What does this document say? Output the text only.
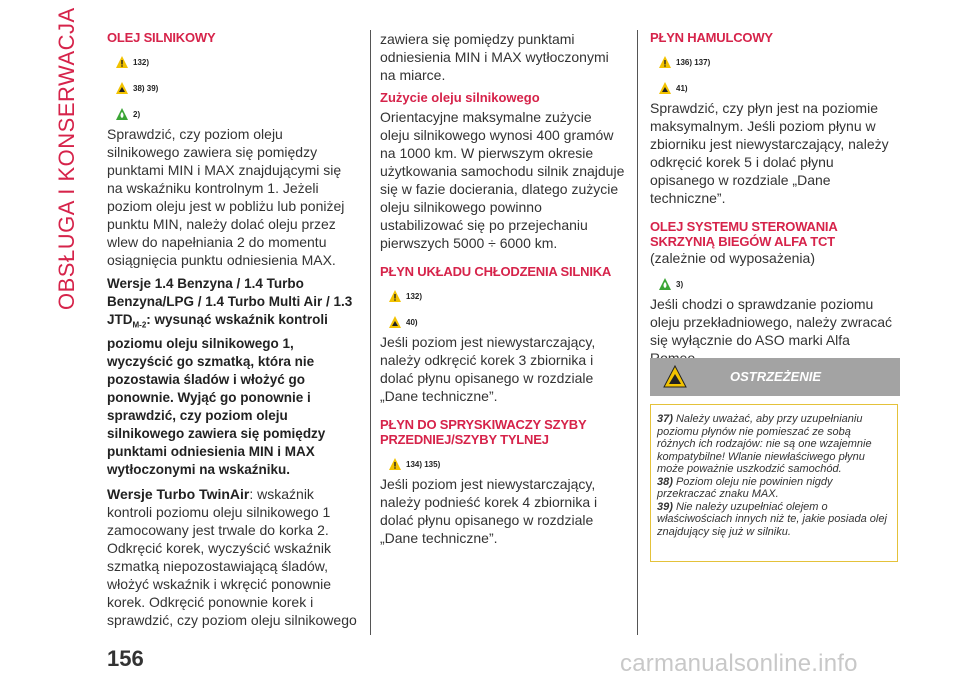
OBSŁUGA I KONSERWACJA OLEJ SILNIKOWY
132)
38) 39)
2)

Sprawdzić, czy poziom oleju silnikowego zawiera się pomiędzy punktami MIN i MAX znajdującymi się na wskaźniku kontrolnym 1. Jeżeli poziom oleju jest w pobliżu lub poniżej punktu MIN, należy dolać oleju przez wlew do napełniania 2 do momentu osiągnięcia punktu odniesienia MAX.

Wersje 1.4 Benzyna / 1.4 Turbo Benzyna/LPG / 1.4 Turbo Multi Air / 1.3 $JTD_{M-2}$: wysunąć wskaźnik kontroli poziomu oleju silnikowego 1, wyczyścić go szmatką, która nie pozostawia śladów i włożyć go ponownie. Wyjąć go ponownie i sprawdzić, czy poziom oleju silnikowego zawiera się pomiędzy punktami odniesienia MIN i MAX wytłoczonymi na wskaźniku.

Wersje Turbo TwinAir: wskaźnik kontroli poziomu oleju silnikowego 1 zamocowany jest trwale do korka 2. Odkręcić korek, wyczyścić wskaźnik szmatką niepozostawiającą śladów, włożyć wskaźnik i wkręcić ponownie korek. Odkręcić ponownie korek i sprawdzić, czy poziom oleju silnikowego

zawiera się pomiędzy punktami odniesienia MIN i MAX wytłoczonymi na miarce.

Zużycie oleju silnikowego

Orientacyjne maksymalne zużycie oleju silnikowego wynosi 400 gramów na 1000 km. W pierwszym okresie użytkowania samochodu silnik znajduje się w fazie docierania, dlatego zużycie oleju silnikowego powinno ustabilizować się po przejechaniu pierwszych 5000 ÷ 6000 km.

PŁYN UKŁADU CHŁODZENIA SILNIKA
132)
40)

Jeśli poziom jest niewystarczający, należy odkręcić korek 3 zbiornika i dolać płynu opisanego w rozdziale „Dane techniczne”.

PŁYN DO SPRYSKIWACZY SZYBY PRZEDNIEJ/SZYBY TYLNEJ
134) 135)

Jeśli poziom jest niewystarczający, należy podnieść korek 4 zbiornika i dolać płynu opisanego w rozdziale „Dane techniczne”.

PŁYN HAMULCOWY
136) 137)
41)

Sprawdzić, czy płyn jest na poziomie maksymalnym. Jeśli poziom płynu w zbiorniku jest niewystarczający, należy odkręcić korek 5 i dolać płynu opisanego w rozdziale „Dane techniczne”.

OLEJ SYSTEMU STEROWANIA SKRZYNIĄ BIEGÓW ALFA TCT

(zależnie od wyposażenia)

3)

Jeśli chodzi o sprawdzanie poziomu oleju przekładniowego, należy zwracać się wyłącznie do ASO marki Alfa

OSTRZEŻENIE

37) Należy uważać, aby przy uzupełnianiu poziomu płynów nie pomieszać ze sobą różnych ich rodzajów: nie są one wzajemnie kompatybilne! Wlanie niewłaściwego płynu może poważnie uszkodzić samochód.

38) Poziom oleju nie powinien nigdy przekraczać znaku MAX.

39) Nie należy uzupełniać olejem o właściwościach innych niż te, jakie posiada olej znajdujący się już w silniku.

156	carmanualsonline.info
